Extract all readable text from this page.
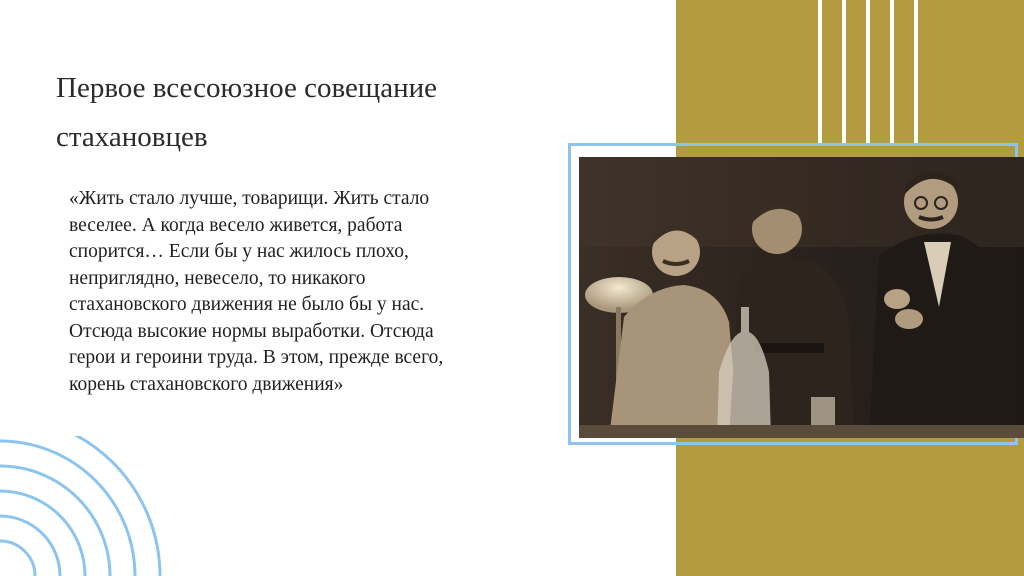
Первое всесоюзное совещание
стахановцев

«Жить стало лучше, товарищи. Жить стало
веселее. А когда весело живется, работа
спорится… Если бы у нас жилось плохо,
неприглядно, невесело, то никакого
стахановского движения не было бы у нас.
Отсюда высокие нормы выработки. Отсюда
герои и героини труда. В этом, прежде всего,
корень стахановского движения»
